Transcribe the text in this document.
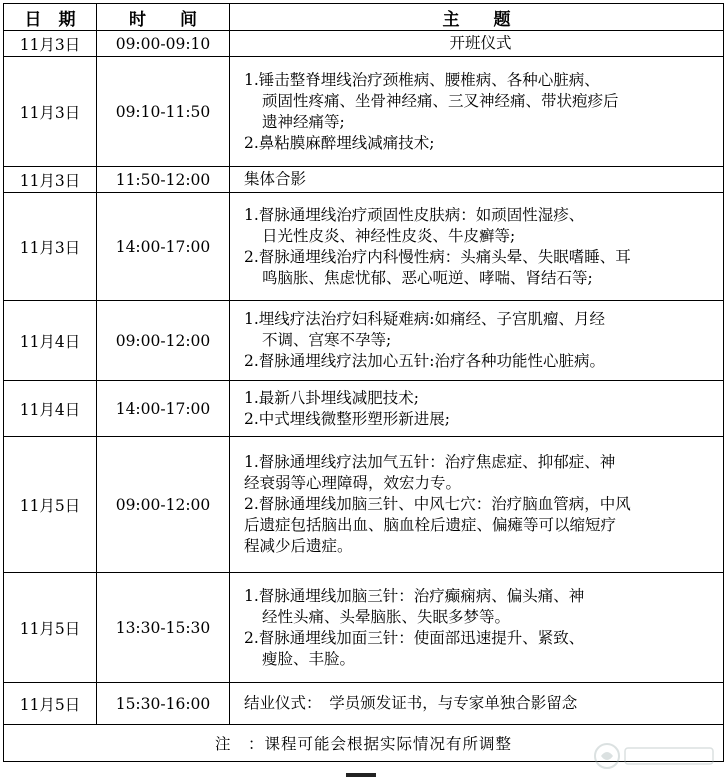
日　期	时　　间	主　　题
11月3日	09:00-09:10	开班仪式

11月3日	09:10-11:50	1.锤击整脊埋线治疗颈椎病、腰椎病、各种心脏病、
顽固性疼痛、坐骨神经痛、三叉神经痛、带状疱疹后
遗神经痛等;
2.鼻粘膜麻醉埋线减痛技术;

11月3日	11:50-12:00	集体合影

11月3日	14:00-17:00	1.督脉通埋线治疗顽固性皮肤病：如顽固性湿疹、
日光性皮炎、神经性皮炎、牛皮癣等;
2.督脉通埋线治疗内科慢性病：头痛头晕、失眠嗜睡、耳
鸣脑胀、焦虑忧郁、恶心呃逆、哮喘、肾结石等;

11月4日	09:00-12:00	1.埋线疗法治疗妇科疑难病:如痛经、子宫肌瘤、月经
不调、宫寒不孕等;
2.督脉通埋线疗法加心五针:治疗各种功能性心脏病。

11月4日	14:00-17:00	1.最新八卦埋线减肥技术;
2.中式埋线微整形塑形新进展;

11月5日	09:00-12:00	1.督脉通埋线疗法加气五针：治疗焦虑症、抑郁症、神
经衰弱等心理障碍，效宏力专。
2.督脉通埋线加脑三针、中风七穴：治疗脑血管病，中风
后遗症包括脑出血、脑血栓后遗症、偏瘫等可以缩短疗
程减少后遗症。

11月5日	13:30-15:30	1.督脉通埋线加脑三针：治疗癫痫病、偏头痛、神
经性头痛、头晕脑胀、失眠多梦等。
2.督脉通埋线加面三针：使面部迅速提升、紧致、
瘦脸、丰脸。

11月5日	15:30-16:00	结业仪式：　学员颁发证书，与专家单独合影留念

注　：课程可能会根据实际情况有所调整		
